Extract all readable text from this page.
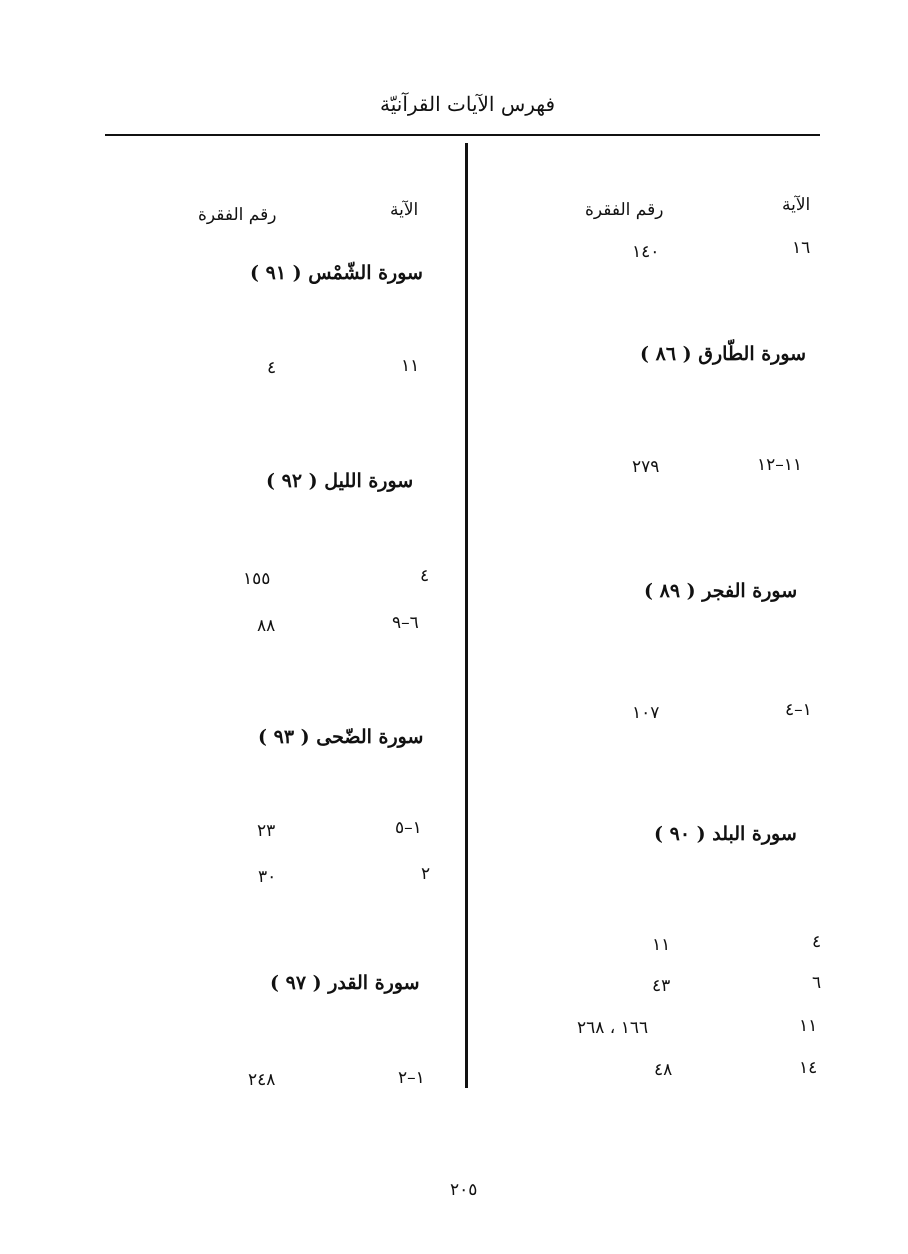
فهرس الآيات القرآنيّة
الآية
رقم الفقرة
الآية
رقم الفقرة
١٦
١٤٠
سورة الطّارق ( ٨٦ )
١١–١٢
٢٧٩
سورة الفجر ( ٨٩ )
١–٤
١٠٧
سورة البلد ( ٩٠ )
٤
١١
٦
٤٣
١١
١٦٦ ، ٢٦٨
١٤
٤٨
سورة الشّمْس ( ٩١ )
١١
٤
سورة الليل ( ٩٢ )
٤
١٥٥
٦–٩
٨٨
سورة الضّحى ( ٩٣ )
١–٥
٢٣
٢
٣٠
سورة القدر ( ٩٧ )
١–٢
٢٤٨
٢٠٥
